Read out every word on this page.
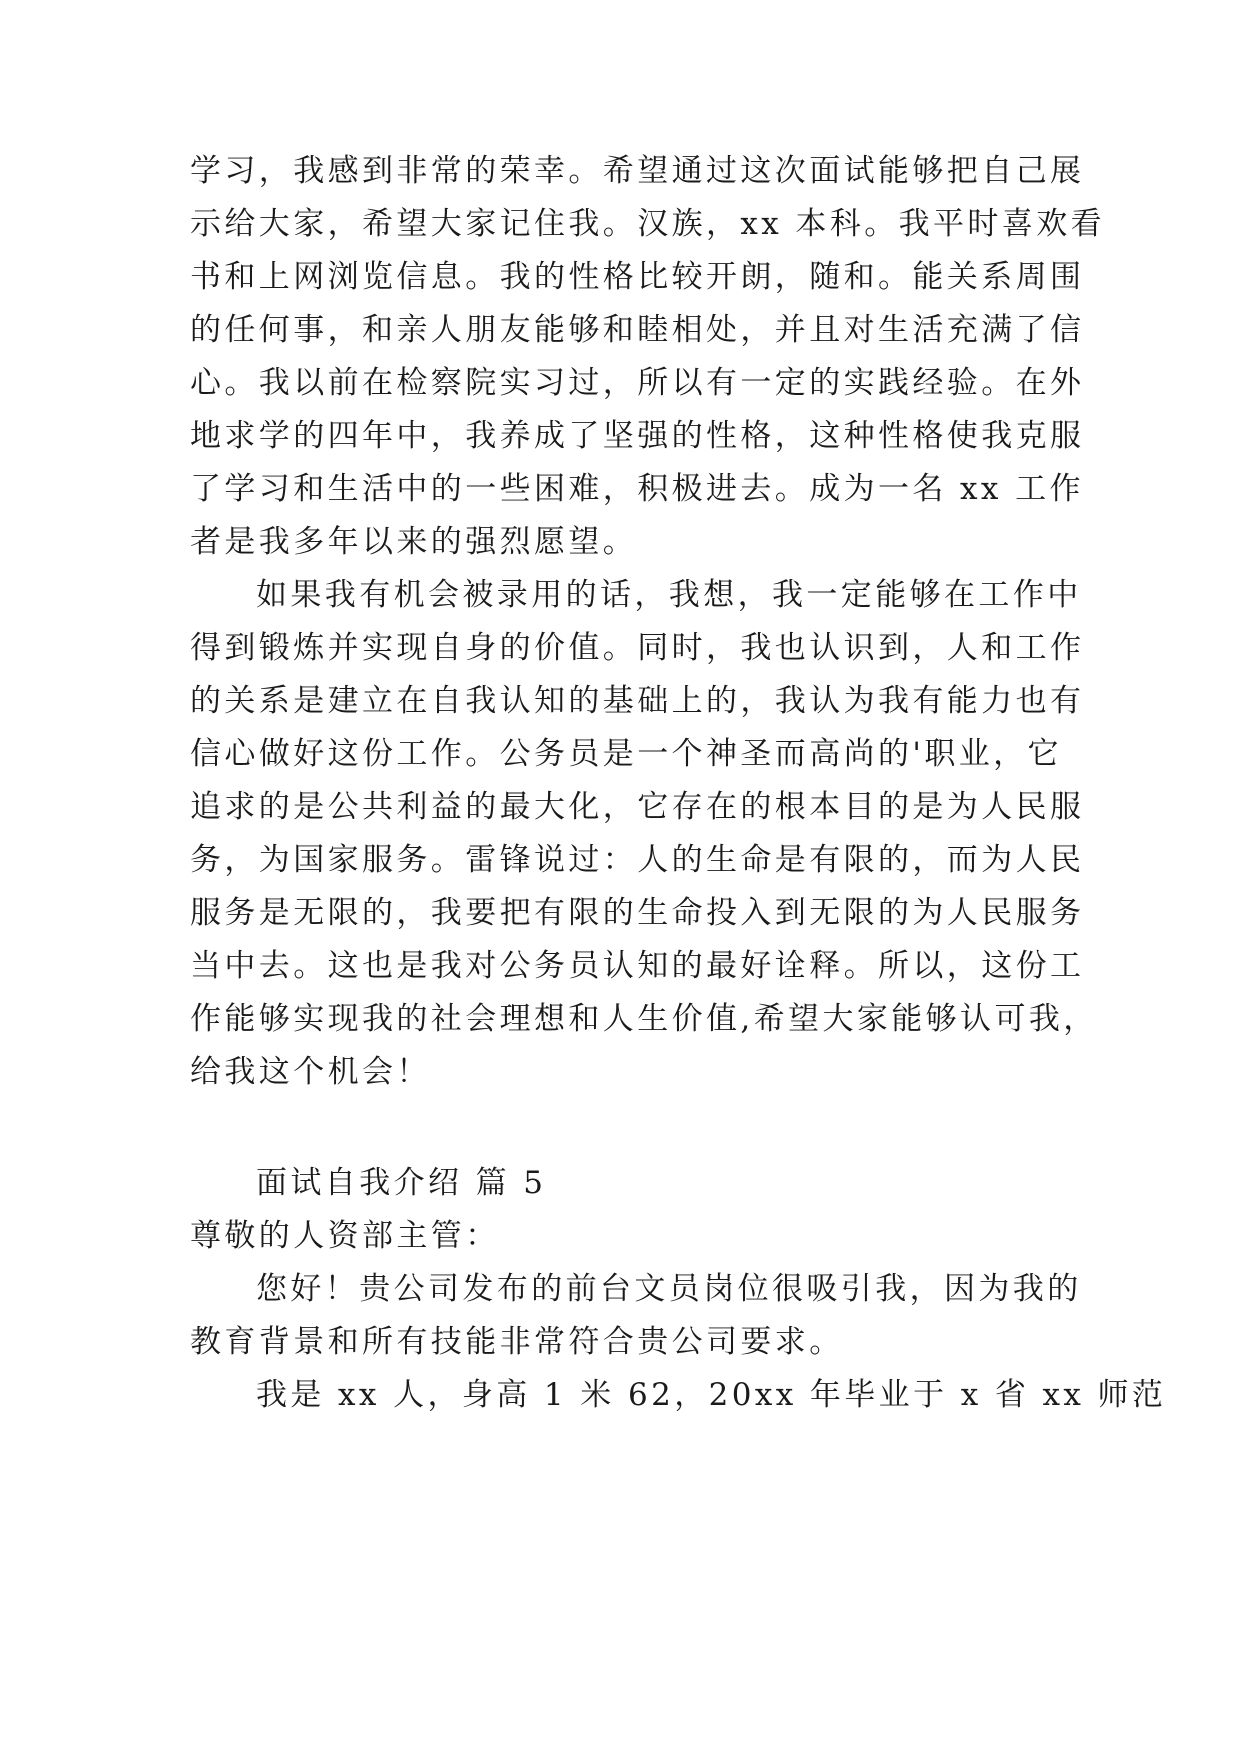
学习，我感到非常的荣幸。希望通过这次面试能够把自己展
示给大家，希望大家记住我。汉族，xx 本科。我平时喜欢看
书和上网浏览信息。我的性格比较开朗，随和。能关系周围
的任何事，和亲人朋友能够和睦相处，并且对生活充满了信
心。我以前在检察院实习过，所以有一定的实践经验。在外
地求学的四年中，我养成了坚强的性格，这种性格使我克服
了学习和生活中的一些困难，积极进去。成为一名 xx 工作
者是我多年以来的强烈愿望。
如果我有机会被录用的话，我想，我一定能够在工作中
得到锻炼并实现自身的价值。同时，我也认识到，人和工作
的关系是建立在自我认知的基础上的，我认为我有能力也有
信心做好这份工作。公务员是一个神圣而高尚的'职业，它
追求的是公共利益的最大化，它存在的根本目的是为人民服
务，为国家服务。雷锋说过：人的生命是有限的，而为人民
服务是无限的，我要把有限的生命投入到无限的为人民服务
当中去。这也是我对公务员认知的最好诠释。所以，这份工
作能够实现我的社会理想和人生价值,希望大家能够认可我，
给我这个机会！
面试自我介绍 篇 5
尊敬的人资部主管：
您好！贵公司发布的前台文员岗位很吸引我，因为我的
教育背景和所有技能非常符合贵公司要求。
我是 xx 人，身高 1 米 62，20xx 年毕业于 x 省 xx 师范
